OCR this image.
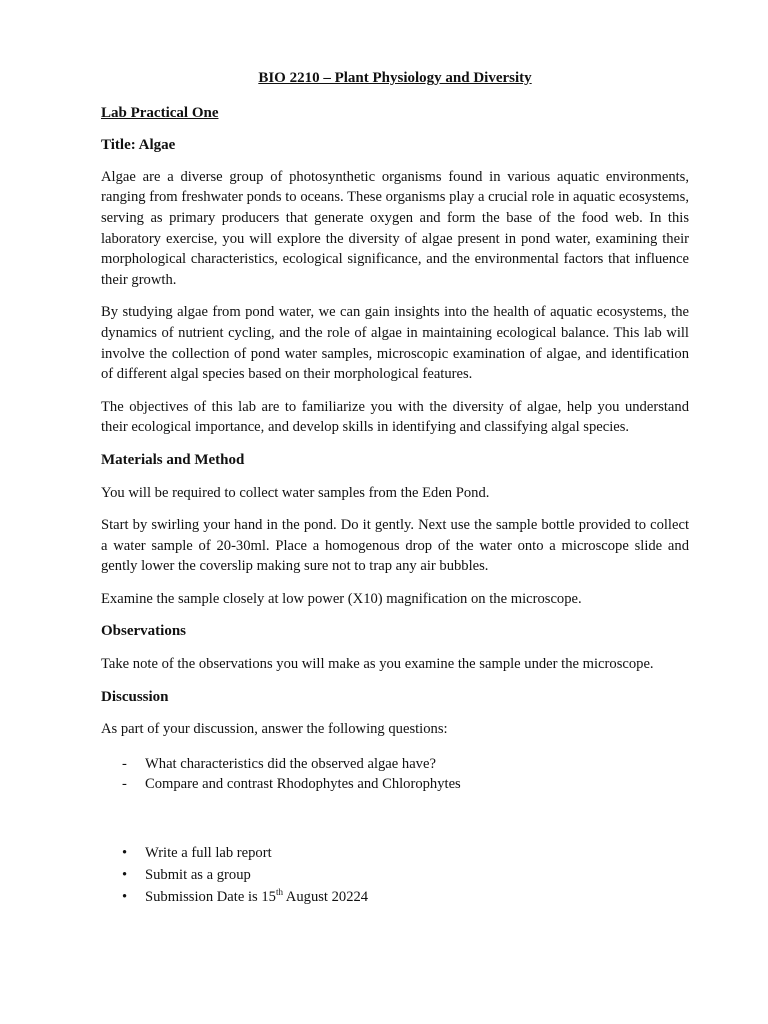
BIO 2210 – Plant Physiology and Diversity
Lab Practical One
Title: Algae

Algae are a diverse group of photosynthetic organisms found in various aquatic environments, ranging from freshwater ponds to oceans. These organisms play a crucial role in aquatic ecosystems, serving as primary producers that generate oxygen and form the base of the food web. In this laboratory exercise, you will explore the diversity of algae present in pond water, examining their morphological characteristics, ecological significance, and the environmental factors that influence their growth.

By studying algae from pond water, we can gain insights into the health of aquatic ecosystems, the dynamics of nutrient cycling, and the role of algae in maintaining ecological balance. This lab will involve the collection of pond water samples, microscopic examination of algae, and identification of different algal species based on their morphological features.

The objectives of this lab are to familiarize you with the diversity of algae, help you understand their ecological importance, and develop skills in identifying and classifying algal species.

Materials and Method

You will be required to collect water samples from the Eden Pond.

Start by swirling your hand in the pond. Do it gently. Next use the sample bottle provided to collect a water sample of 20-30ml. Place a homogenous drop of the water onto a microscope slide and gently lower the coverslip making sure not to trap any air bubbles.

Examine the sample closely at low power (X10) magnification on the microscope.

Observations

Take note of the observations you will make as you examine the sample under the microscope.

Discussion

As part of your discussion, answer the following questions:

- What characteristics did the observed algae have?
- Compare and contrast Rhodophytes and Chlorophytes
• Write a full lab report
• Submit as a group
• Submission Date is 15th August 20224
